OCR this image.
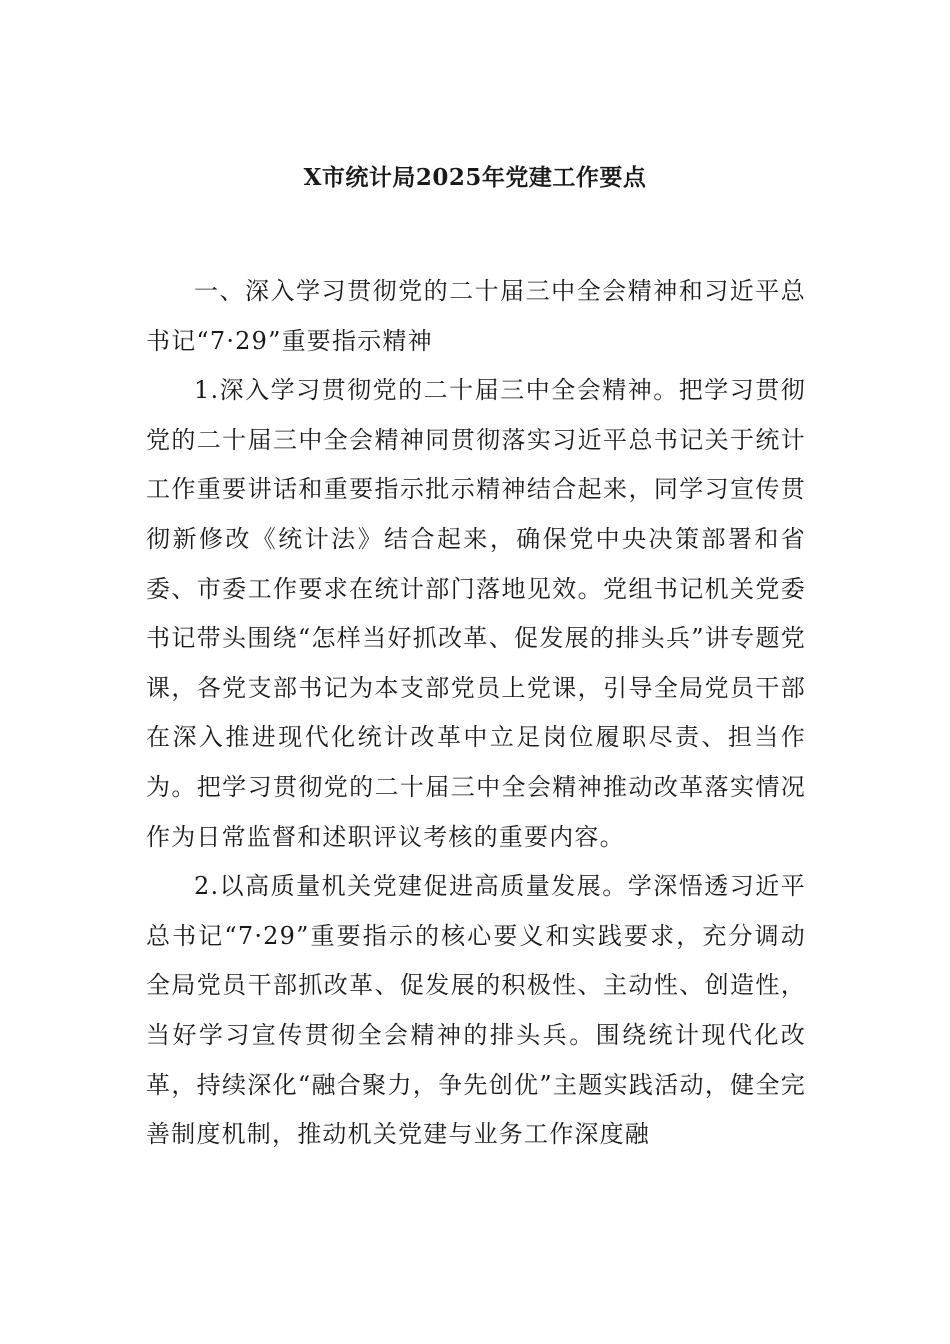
X市统计局2025年党建工作要点

一、深入学习贯彻党的二十届三中全会精神和习近平总书记“7·29”重要指示精神

1.深入学习贯彻党的二十届三中全会精神。把学习贯彻党的二十届三中全会精神同贯彻落实习近平总书记关于统计工作重要讲话和重要指示批示精神结合起来，同学习宣传贯彻新修改《统计法》结合起来，确保党中央决策部署和省委、市委工作要求在统计部门落地见效。党组书记机关党委书记带头围绕“怎样当好抓改革、促发展的排头兵”讲专题党课，各党支部书记为本支部党员上党课，引导全局党员干部在深入推进现代化统计改革中立足岗位履职尽责、担当作为。把学习贯彻党的二十届三中全会精神推动改革落实情况作为日常监督和述职评议考核的重要内容。

2.以高质量机关党建促进高质量发展。学深悟透习近平总书记“7·29”重要指示的核心要义和实践要求，充分调动全局党员干部抓改革、促发展的积极性、主动性、创造性，当好学习宣传贯彻全会精神的排头兵。围绕统计现代化改革，持续深化“融合聚力，争先创优”主题实践活动，健全完善制度机制，推动机关党建与业务工作深度融
